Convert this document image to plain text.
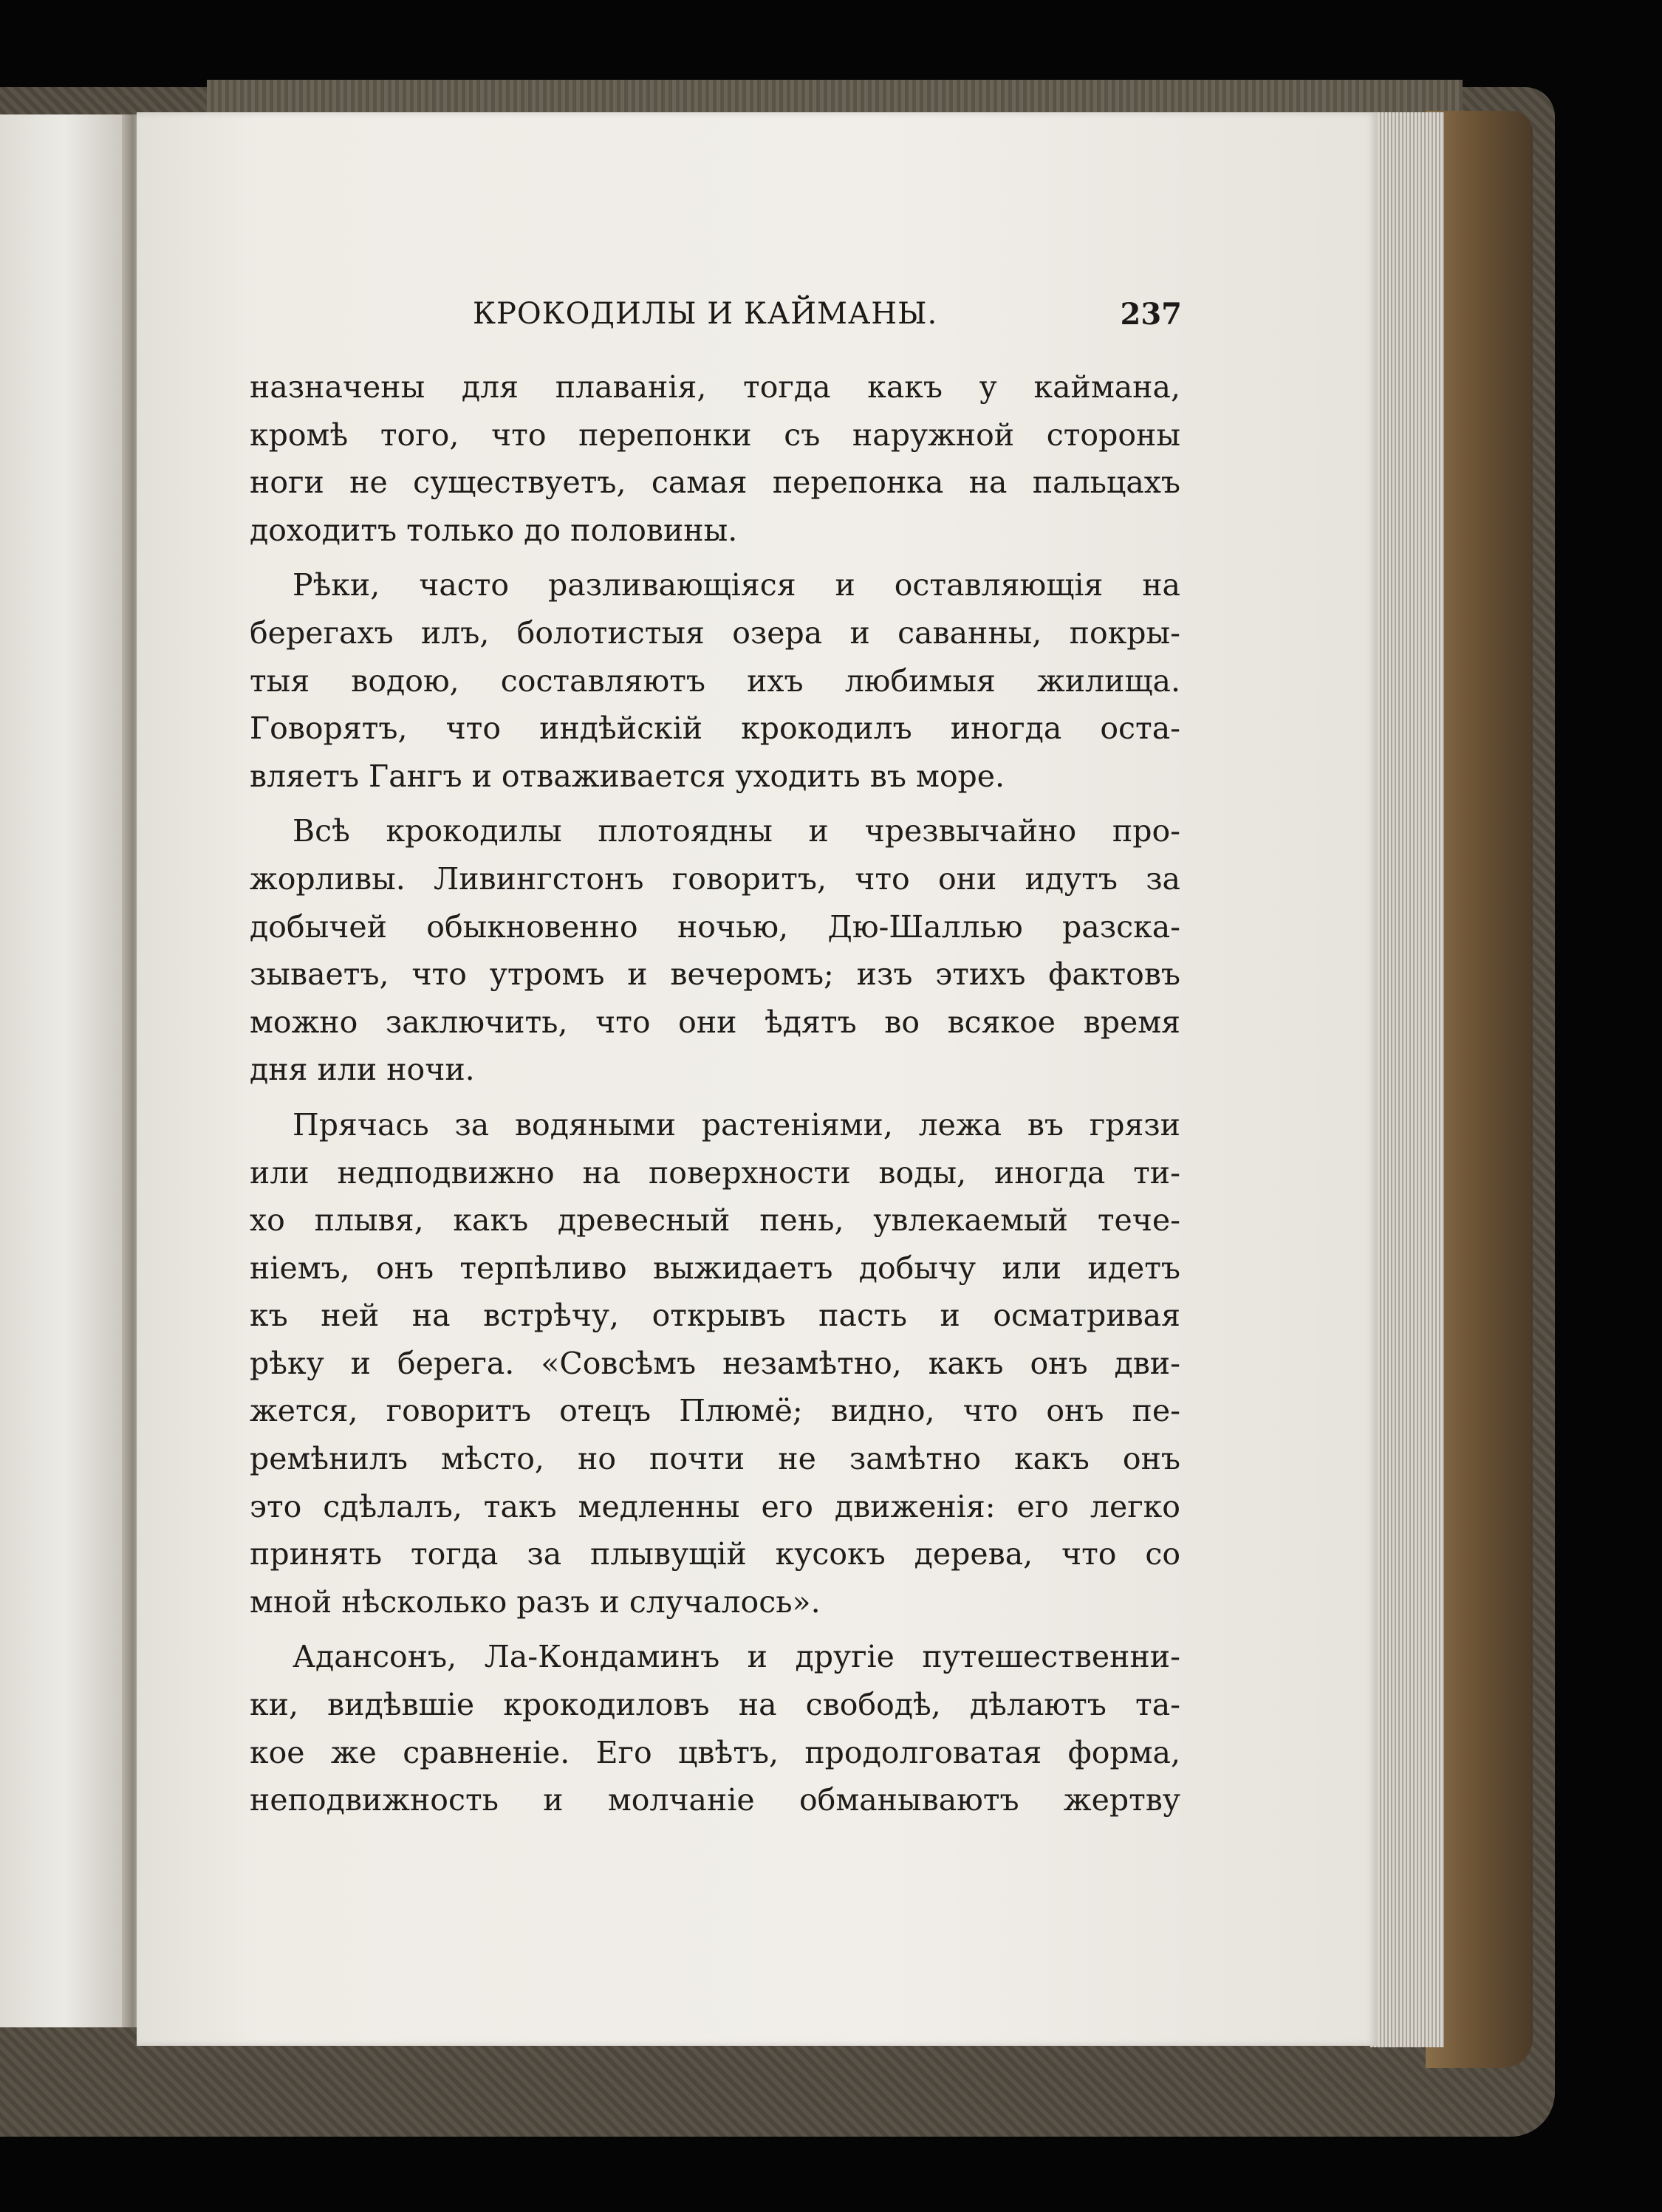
КРОКОДИЛЫ И КАЙМАНЫ.	237
назначены для плаванія, тогда какъ у каймана,
кромѣ того, что перепонки съ наружной стороны
ноги не существуетъ, самая перепонка на пальцахъ
доходитъ только до половины.
Рѣки, часто разливающіяся и оставляющія на
берегахъ илъ, болотистыя озера и саванны, покры-
тыя водою, составляютъ ихъ любимыя жилища.
Говорятъ, что индѣйскій крокодилъ иногда оста-
вляетъ Гангъ и отваживается уходить въ море.
Всѣ крокодилы плотоядны и чрезвычайно про-
жорливы. Ливингстонъ говоритъ, что они идутъ за
добычей обыкновенно ночью, Дю-Шаллью разска-
зываетъ, что утромъ и вечеромъ; изъ этихъ фактовъ
можно заключить, что они ѣдятъ во всякое время
дня или ночи.
Прячась за водяными растеніями, лежа въ грязи
или недподвижно на поверхности воды, иногда ти-
хо плывя, какъ древесный пень, увлекаемый тече-
ніемъ, онъ терпѣливо выжидаетъ добычу или идетъ
къ ней на встрѣчу, открывъ пасть и осматривая
рѣку и берега. «Совсѣмъ незамѣтно, какъ онъ дви-
жется, говоритъ отецъ Плюмё; видно, что онъ пе-
ремѣнилъ мѣсто, но почти не замѣтно какъ онъ
это сдѣлалъ, такъ медленны его движенія: его легко
принять тогда за плывущій кусокъ дерева, что со
мной нѣсколько разъ и случалось».
Адансонъ, Ла-Кондаминъ и другіе путешественни-
ки, видѣвшіе крокодиловъ на свободѣ, дѣлаютъ та-
кое же сравненіе. Его цвѣтъ, продолговатая форма,
неподвижность и молчаніе обманываютъ жертву
